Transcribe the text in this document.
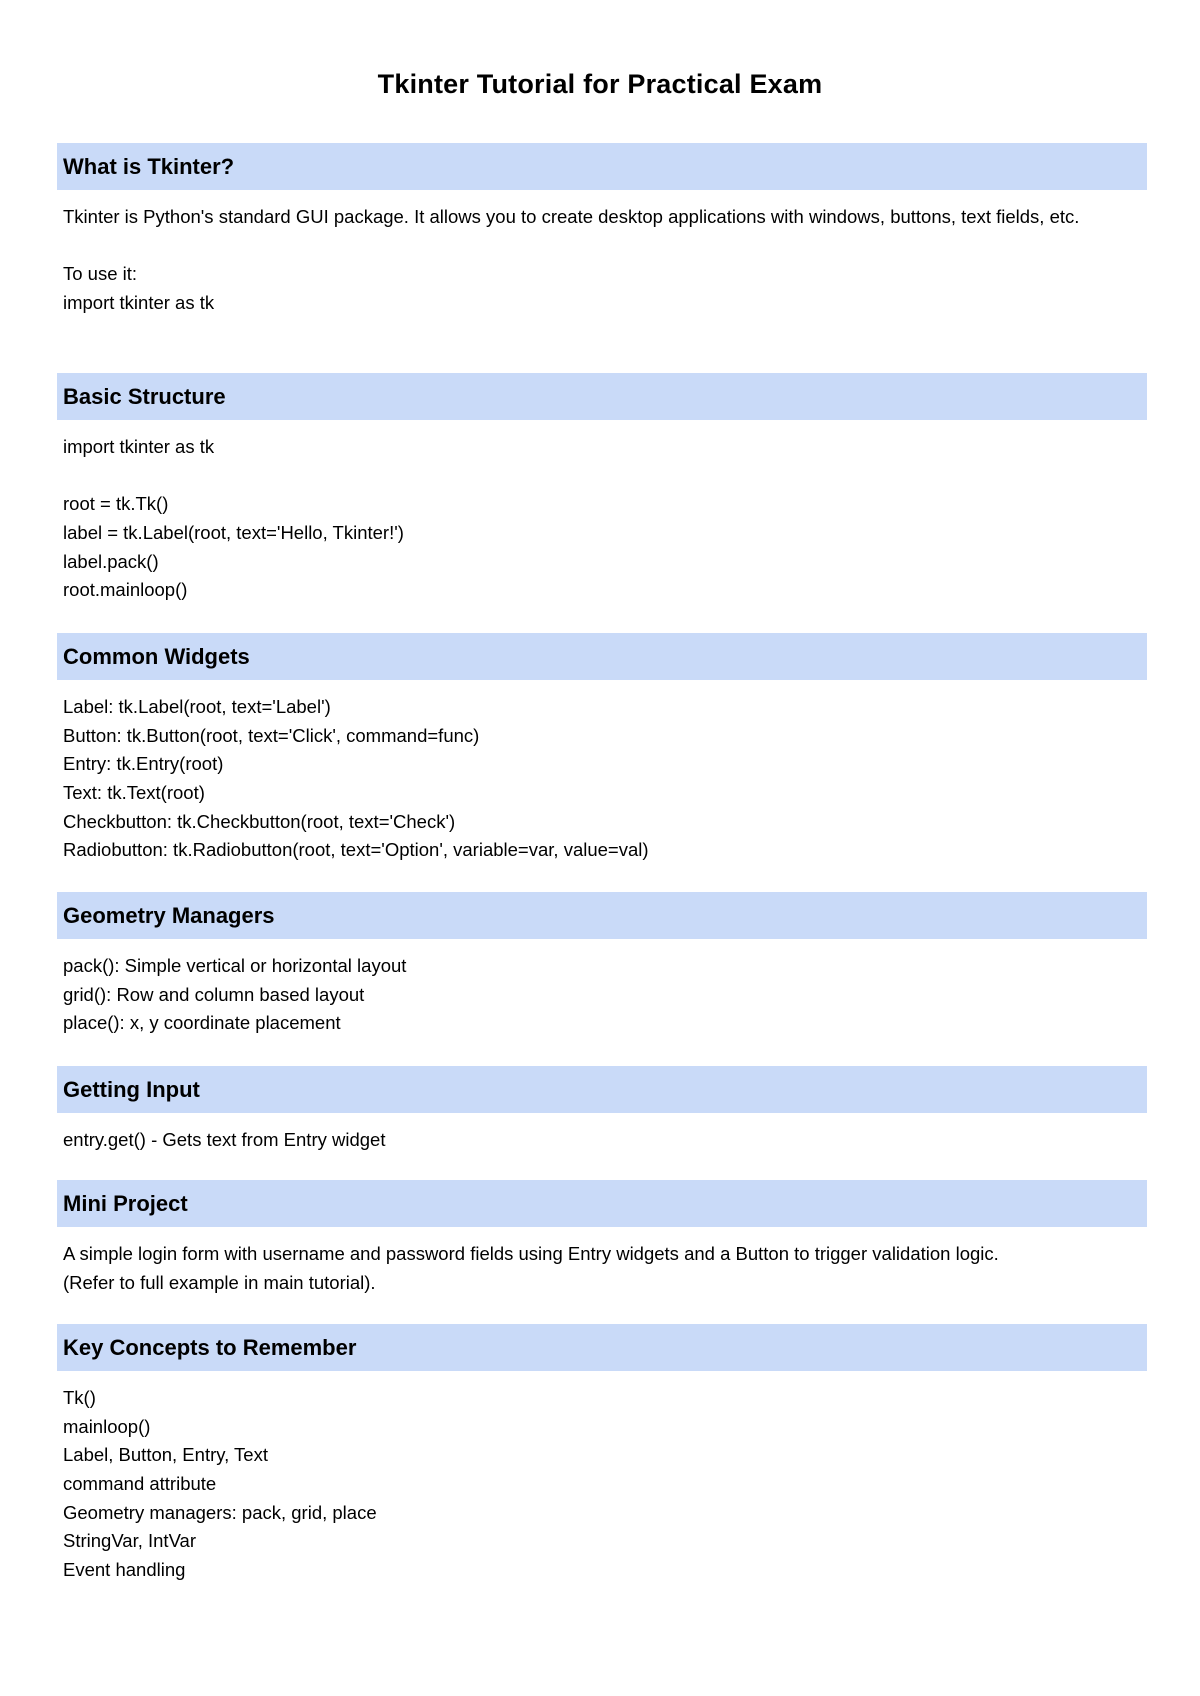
Tkinter Tutorial for Practical Exam
What is Tkinter?
Tkinter is Python's standard GUI package. It allows you to create desktop applications with windows, buttons, text fields, etc.
To use it:
import tkinter as tk
Basic Structure
import tkinter as tk
root = tk.Tk()
label = tk.Label(root, text='Hello, Tkinter!')
label.pack()
root.mainloop()
Common Widgets
Label: tk.Label(root, text='Label')
Button: tk.Button(root, text='Click', command=func)
Entry: tk.Entry(root)
Text: tk.Text(root)
Checkbutton: tk.Checkbutton(root, text='Check')
Radiobutton: tk.Radiobutton(root, text='Option', variable=var, value=val)
Geometry Managers
pack(): Simple vertical or horizontal layout
grid(): Row and column based layout
place(): x, y coordinate placement
Getting Input
entry.get() - Gets text from Entry widget
Mini Project
A simple login form with username and password fields using Entry widgets and a Button to trigger validation logic.
(Refer to full example in main tutorial).
Key Concepts to Remember
Tk()
mainloop()
Label, Button, Entry, Text
command attribute
Geometry managers: pack, grid, place
StringVar, IntVar
Event handling
